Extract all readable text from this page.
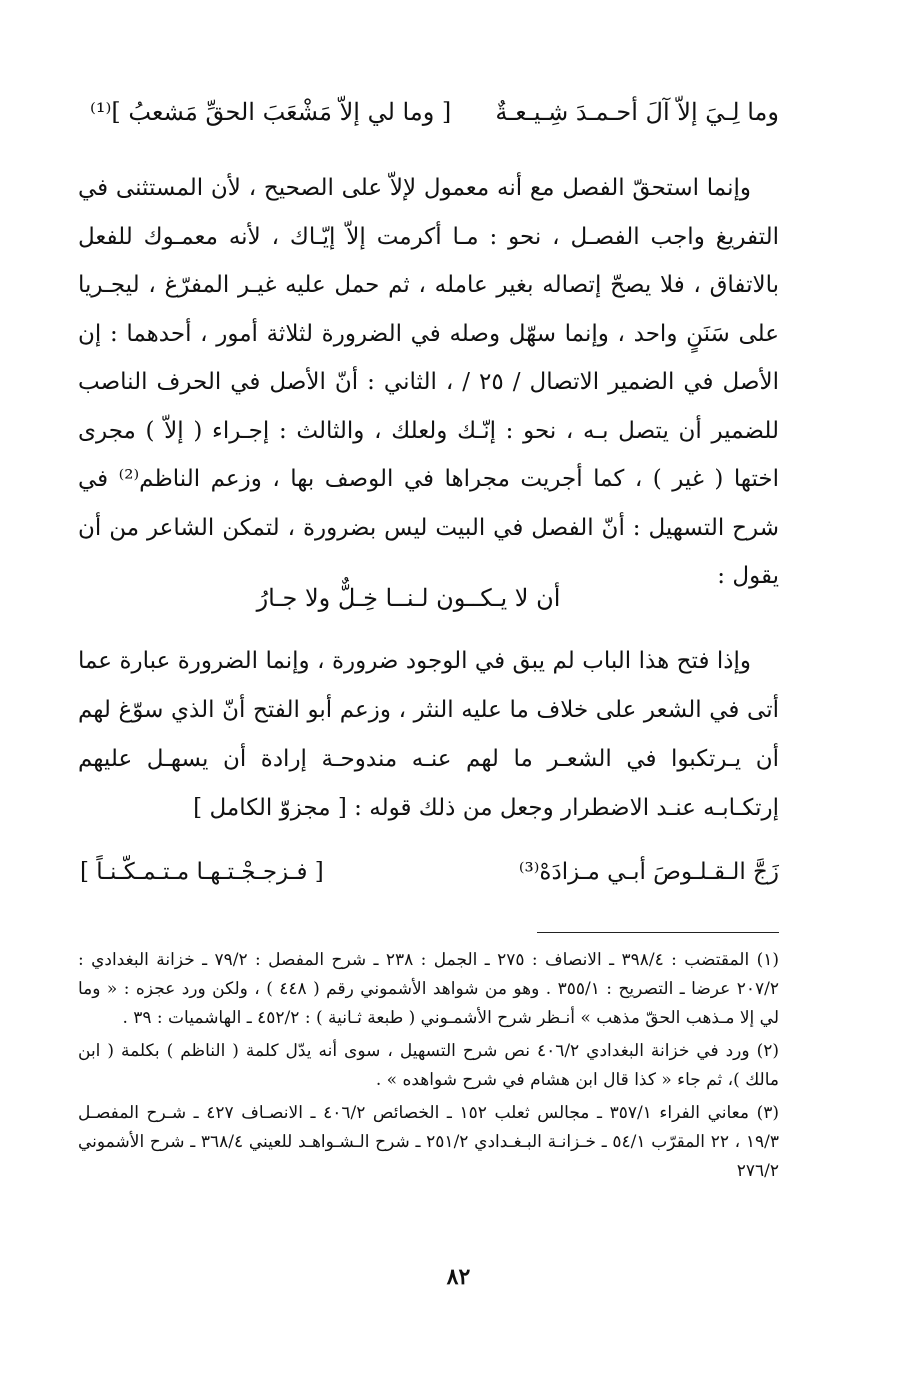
وما لِـيَ إلاّ آلَ أحـمـدَ شِـيـعـةٌ
[ وما لي إلاّ مَشْعَبَ الحقِّ مَشعبُ ]⁽¹⁾

وإنما استحقّ الفصل مع أنه معمول لإلاّ على الصحيح ، لأن المستثنى في التفريغ واجب الفصـل ، نحو : مـا أكرمت إلاّ إيّـاك ، لأنه معمـوك للفعل بالاتفاق ، فلا يصحّ إتصاله بغير عامله ، ثم حمل عليه غيـر المفرّغ ، ليجـريا على سَنَنٍ واحد ، وإنما سهّل وصله في الضرورة لثلاثة أمور ، أحدهما : إن الأصل في الضمير الاتصال / ٢٥ / ، الثاني : أنّ الأصل في الحرف الناصب للضمير أن يتصل بـه ، نحو : إنّـك ولعلك ، والثالث : إجـراء ( إلاّ ) مجرى اختها ( غير ) ، كما أجريت مجراها في الوصف بها ، وزعم الناظم⁽²⁾ في شرح التسهيل : أنّ الفصل في البيت ليس بضرورة ، لتمكن الشاعر من أن يقول :

أن لا يـكــون لـنــا خِـلٌّ ولا جـارُ

وإذا فتح هذا الباب لم يبق في الوجود ضرورة ، وإنما الضرورة عبارة عما أتى في الشعر على خلاف ما عليه النثر ، وزعم أبو الفتح أنّ الذي سوّغ لهم أن يـرتكبوا في الشعـر ما لهم عنـه مندوحـة إرادة أن يسهـل عليهم إرتكـابـه عنـد الاضطرار وجعل من ذلك قوله : [ مجزوّ الكامل ]

زَجَّ الـقـلـوصَ أبـي مـزادَهْ⁽³⁾
[ فـزجـجْـتـهـا مـتـمـكّـنـاً ]

(١) المقتضب : ٣٩٨/٤ ـ الانصاف : ٢٧٥ ـ الجمل : ٢٣٨ ـ شرح المفصل : ٧٩/٢ ـ خزانة البغدادي : ٢٠٧/٢ عرضا ـ التصريح : ٣٥٥/١ . وهو من شواهد الأشموني رقم ( ٤٤٨ ) ، ولكن ورد عجزه : « وما لي إلا مـذهب الحقّ مذهب » أنـظر شرح الأشمـوني ( طبعة ثـانية ) : ٤٥٢/٢ ـ الهاشميات : ٣٩ .

(٢) ورد في خزانة البغدادي ٤٠٦/٢ نص شرح التسهيل ، سوى أنه يدّل كلمة ( الناظم ) بكلمة ( ابن مالك )، ثم جاء « كذا قال ابن هشام في شرح شواهده » .

(٣) معاني الفراء ٣٥٧/١ ـ مجالس ثعلب ١٥٢ ـ الخصائص ٤٠٦/٢ ـ الانصـاف ٤٢٧ ـ شـرح المفصـل ١٩/٣ ، ٢٢ المقرّب ٥٤/١ ـ خـزانـة البـغـدادي ٢٥١/٢ ـ شرح الـشـواهـد للعيني ٣٦٨/٤ ـ شرح الأشموني ٢٧٦/٢

٨٢
